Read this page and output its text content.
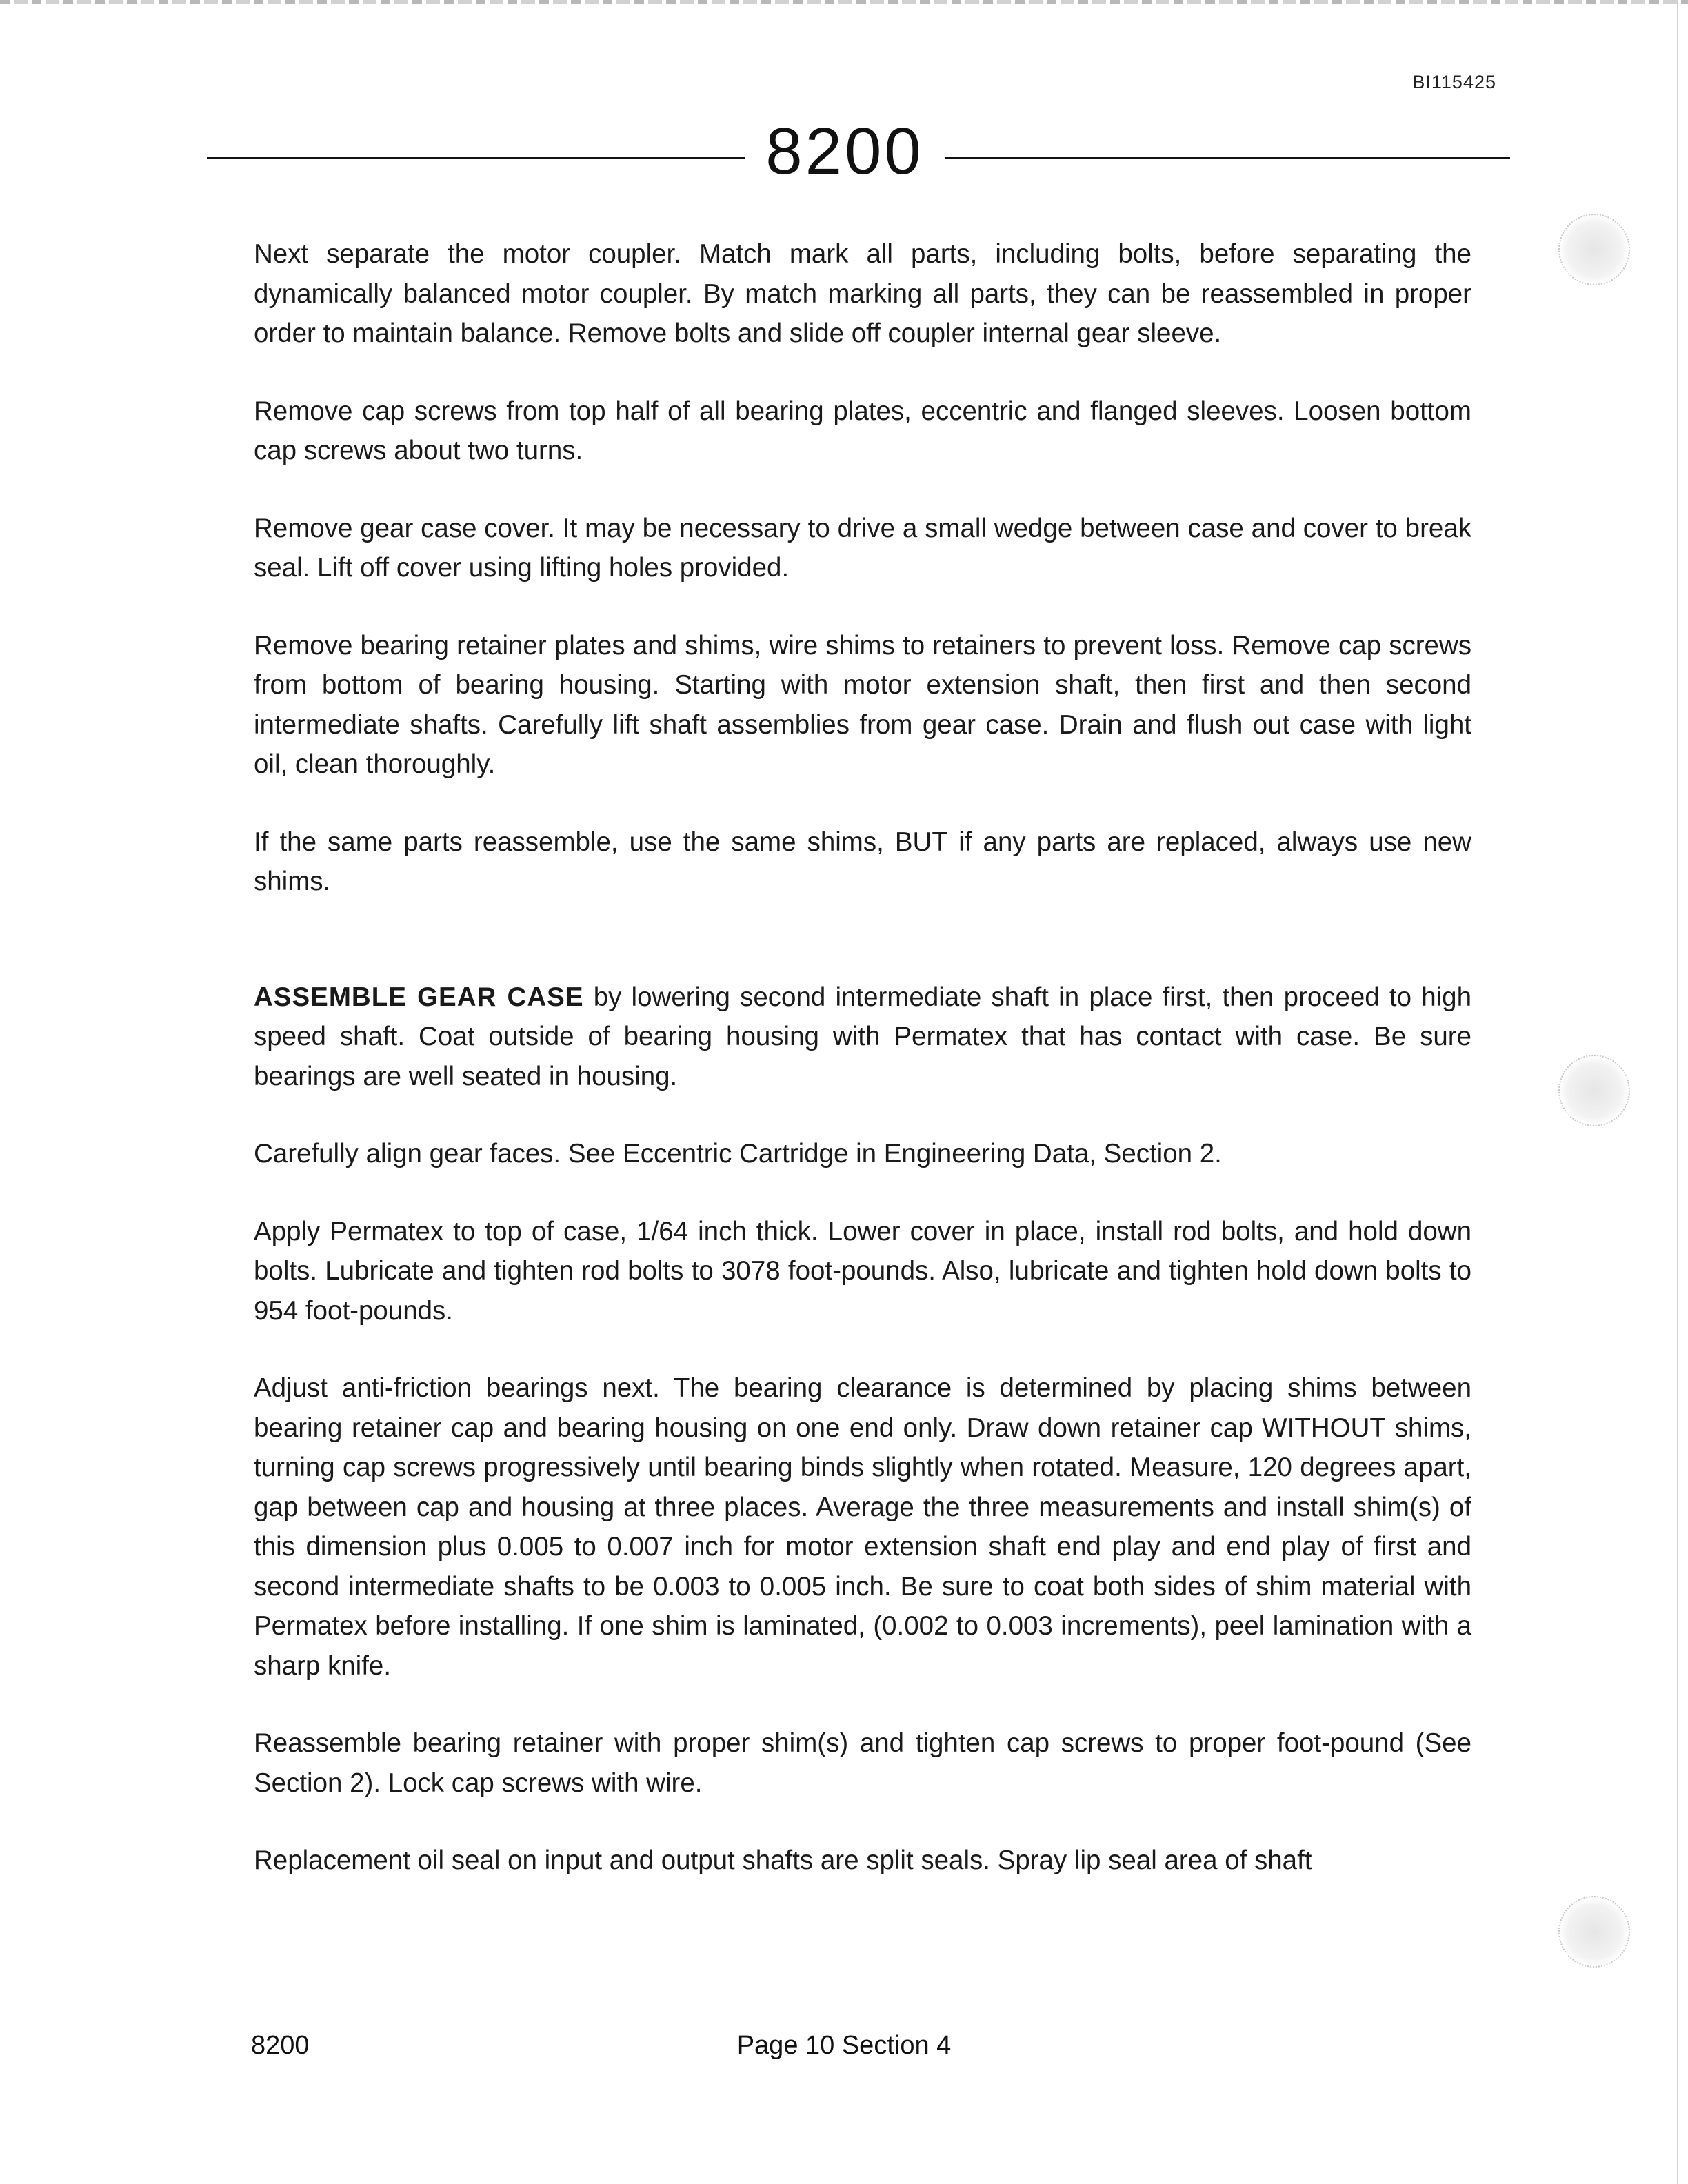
BI115425
8200

Next separate the motor coupler. Match mark all parts, including bolts, before separating the dynamically balanced motor coupler. By match marking all parts, they can be reassembled in proper order to maintain balance. Remove bolts and slide off coupler internal gear sleeve.

Remove cap screws from top half of all bearing plates, eccentric and flanged sleeves. Loosen bottom cap screws about two turns.

Remove gear case cover. It may be necessary to drive a small wedge between case and cover to break seal. Lift off cover using lifting holes provided.

Remove bearing retainer plates and shims, wire shims to retainers to prevent loss. Remove cap screws from bottom of bearing housing. Starting with motor extension shaft, then first and then second intermediate shafts. Carefully lift shaft assemblies from gear case. Drain and flush out case with light oil, clean thoroughly.

If the same parts reassemble, use the same shims, BUT if any parts are replaced, always use new shims.

ASSEMBLE GEAR CASE by lowering second intermediate shaft in place first, then proceed to high speed shaft. Coat outside of bearing housing with Permatex that has contact with case. Be sure bearings are well seated in housing.

Carefully align gear faces. See Eccentric Cartridge in Engineering Data, Section 2.

Apply Permatex to top of case, 1/64 inch thick. Lower cover in place, install rod bolts, and hold down bolts. Lubricate and tighten rod bolts to 3078 foot-pounds. Also, lubricate and tighten hold down bolts to 954 foot-pounds.

Adjust anti-friction bearings next. The bearing clearance is determined by placing shims between bearing retainer cap and bearing housing on one end only. Draw down retainer cap WITHOUT shims, turning cap screws progressively until bearing binds slightly when rotated. Measure, 120 degrees apart, gap between cap and housing at three places. Average the three measurements and install shim(s) of this dimension plus 0.005 to 0.007 inch for motor extension shaft end play and end play of first and second intermediate shafts to be 0.003 to 0.005 inch. Be sure to coat both sides of shim material with Permatex before installing. If one shim is laminated, (0.002 to 0.003 increments), peel lamination with a sharp knife.

Reassemble bearing retainer with proper shim(s) and tighten cap screws to proper foot-pound (See Section 2). Lock cap screws with wire.

Replacement oil seal on input and output shafts are split seals. Spray lip seal area of shaft

8200	Page 10 Section 4
